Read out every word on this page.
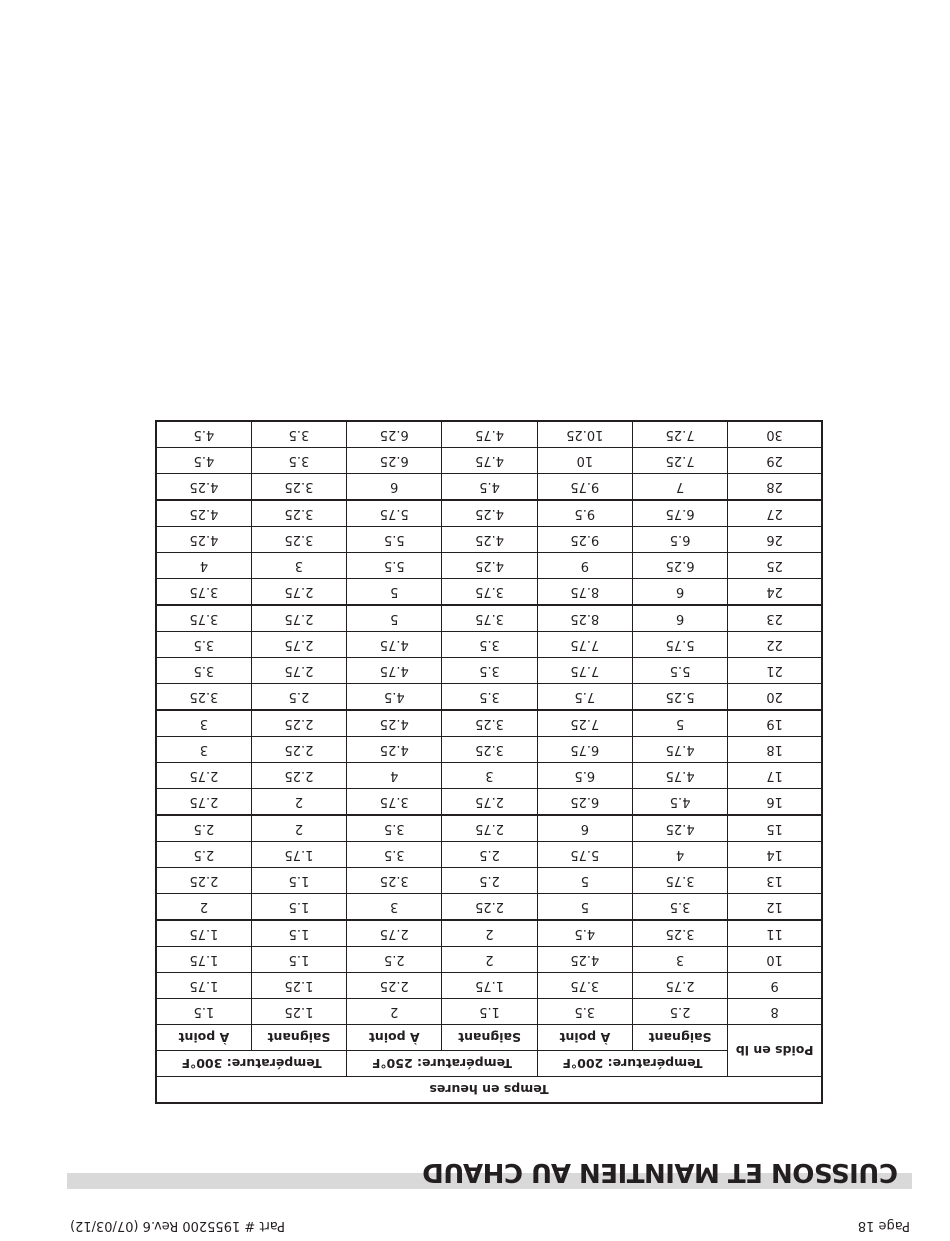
Page 18
Part # 1955200 Rev.6 (07/03/12)
CUISSON ET MAINTIEN AU CHAUD
Temps en heures						
Poids en lb	Température: 200°F		Température: 250°F		Température: 300°F	
	Saignant	À point	Saignant	À point	Saignant	À point
8	2.5	3.5	1.5	2	1.25	1.5
9	2.75	3.75	1.75	2.25	1.25	1.75
10	3	4.25	2	2.5	1.5	1.75
11	3.25	4.5	2	2.75	1.5	1.75
12	3.5	5	2.25	3	1.5	2
13	3.75	5	2.5	3.25	1.5	2.25
14	4	5.75	2.5	3.5	1.75	2.5
15	4.25	6	2.75	3.5	2	2.5
16	4.5	6.25	2.75	3.75	2	2.75
17	4.75	6.5	3	4	2.25	2.75
18	4.75	6.75	3.25	4.25	2.25	3
19	5	7.25	3.25	4.25	2.25	3
20	5.25	7.5	3.5	4.5	2.5	3.25
21	5.5	7.75	3.5	4.75	2.75	3.5
22	5.75	7.75	3.5	4.75	2.75	3.5
23	6	8.25	3.75	5	2.75	3.75
24	6	8.75	3.75	5	2.75	3.75
25	6.25	9	4.25	5.5	3	4
26	6.5	9.25	4.25	5.5	3.25	4.25
27	6.75	9.5	4.25	5.75	3.25	4.25
28	7	9.75	4.5	6	3.25	4.25
29	7.25	10	4.75	6.25	3.5	4.5
30	7.25	10.25	4.75	6.25	3.5	4.5
